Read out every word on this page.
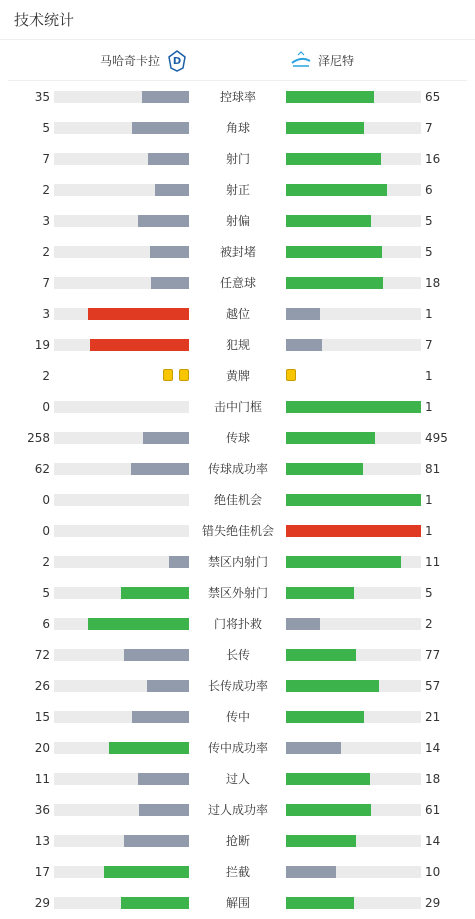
技术统计
马哈奇卡拉 D	泽尼特
35	控球率	65
5	角球	7
7	射门	16
2	射正	6
3	射偏	5
2	被封堵	5
7	任意球	18
3	越位	1
19	犯规	7
2	黄牌	1
0	击中门框	1
258	传球	495
62	传球成功率	81
0	绝佳机会	1
0	错失绝佳机会	1
2	禁区内射门	11
5	禁区外射门	5
6	门将扑救	2
72	长传	77
26	长传成功率	57
15	传中	21
20	传中成功率	14
11	过人	18
36	过人成功率	61
13	抢断	14
17	拦截	10
29	解围	29
